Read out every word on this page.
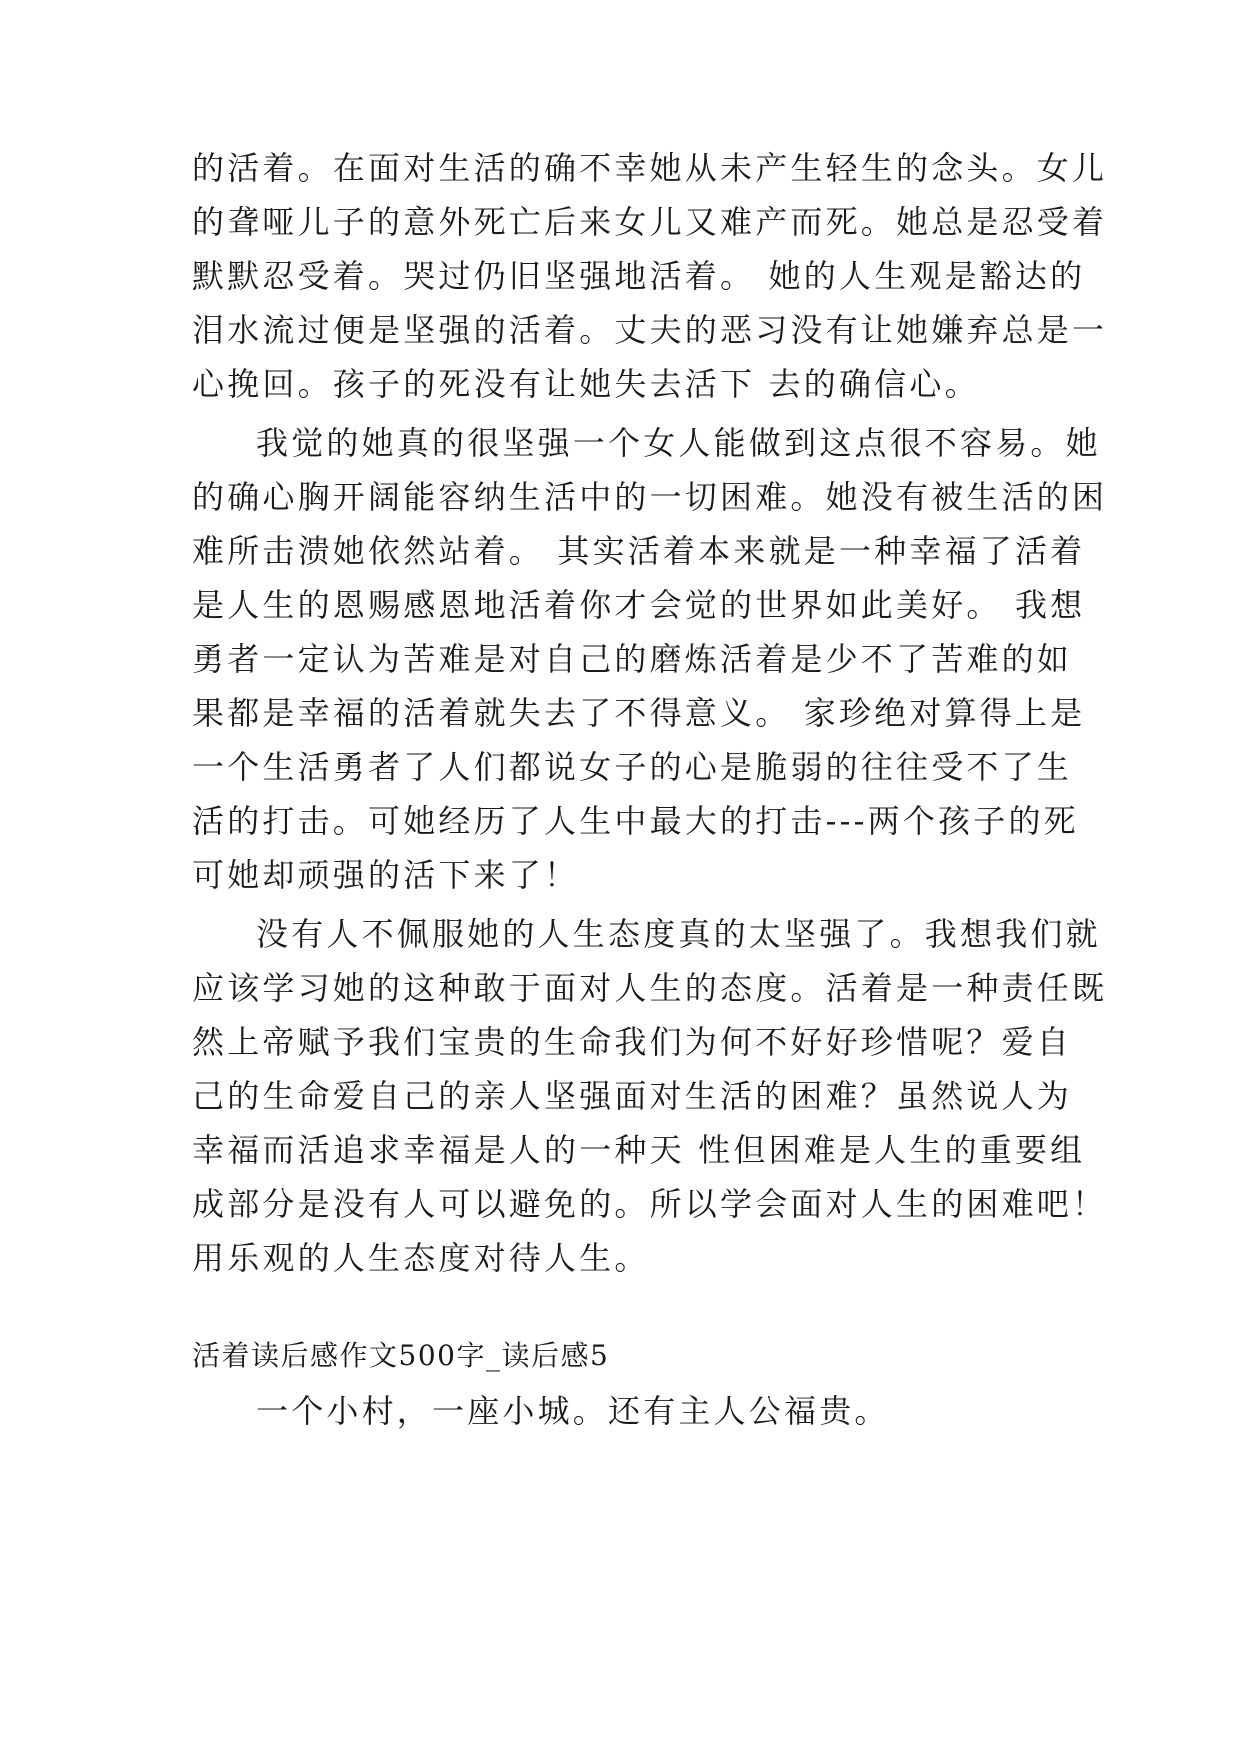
的活着。在面对生活的确不幸她从未产生轻生的念头。女儿
的聋哑儿子的意外死亡后来女儿又难产而死。她总是忍受着
默默忍受着。哭过仍旧坚强地活着。 她的人生观是豁达的
泪水流过便是坚强的活着。丈夫的恶习没有让她嫌弃总是一
心挽回。孩子的死没有让她失去活下 去的确信心。
我觉的她真的很坚强一个女人能做到这点很不容易。她
的确心胸开阔能容纳生活中的一切困难。她没有被生活的困
难所击溃她依然站着。 其实活着本来就是一种幸福了活着
是人生的恩赐感恩地活着你才会觉的世界如此美好。 我想
勇者一定认为苦难是对自己的磨炼活着是少不了苦难的如
果都是幸福的活着就失去了不得意义。 家珍绝对算得上是
一个生活勇者了人们都说女子的心是脆弱的往往受不了生
活的打击。可她经历了人生中最大的打击---两个孩子的死
可她却顽强的活下来了！
没有人不佩服她的人生态度真的太坚强了。我想我们就
应该学习她的这种敢于面对人生的态度。活着是一种责任既
然上帝赋予我们宝贵的生命我们为何不好好珍惜呢？爱自
己的生命爱自己的亲人坚强面对生活的困难？虽然说人为
幸福而活追求幸福是人的一种天 性但困难是人生的重要组
成部分是没有人可以避免的。所以学会面对人生的困难吧！
用乐观的人生态度对待人生。
活着读后感作文500字_读后感5
一个小村，一座小城。还有主人公福贵。
